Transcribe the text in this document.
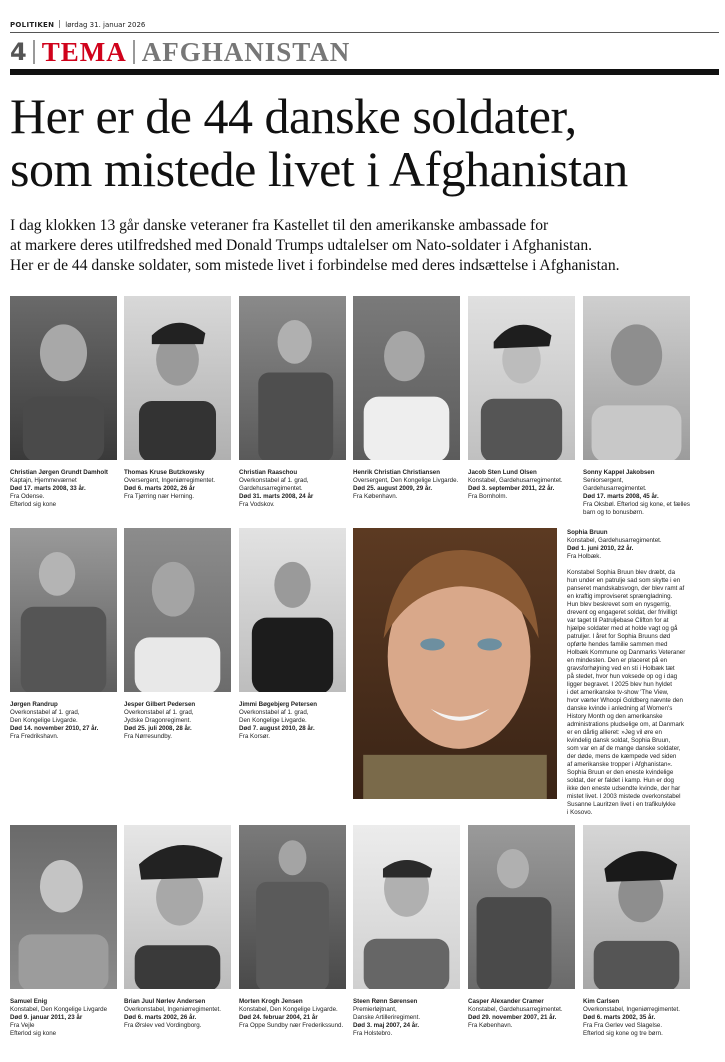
POLITIKEN lørdag 31. januar 2026
4 TEMA AFGHANISTAN
Her er de 44 danske soldater,
som mistede livet i Afghanistan

I dag klokken 13 går danske veteraner fra Kastellet til den amerikanske ambassade for
at markere deres utilfredshed med Donald Trumps udtalelser om Nato-soldater i Afghanistan.
Her er de 44 danske soldater, som mistede livet i forbindelse med deres indsættelse i Afghanistan.

Christian Jørgen Grundt Damholt
Kaptajn, Hjemmeværnet
Død 17. marts 2008, 33 år.
Fra Odense.
Efterlod sig kone
Thomas Kruse Butzkowsky
Oversergent, Ingeniørregimentet.
Død 6. marts 2002, 26 år
Fra Tjørring nær Herning.
Christian Raaschou
Overkonstabel af 1. grad,
Gardehusarregimentet.
Død 31. marts 2008, 24 år
Fra Vodskov.
Henrik Christian Christiansen
Oversergent, Den Kongelige Livgarde.
Død 25. august 2009, 29 år.
Fra København.
Jacob Sten Lund Olsen
Konstabel, Gardehusarregimentet.
Død 3. september 2011, 22 år.
Fra Bornholm.
Sonny Kappel Jakobsen
Seniorsergent,
Gardehusarregimentet.
Død 17. marts 2008, 45 år.
Fra Oksbøl. Efterlod sig kone, et fælles
barn og to bonusbørn.
Jørgen Randrup
Overkonstabel af 1. grad,
Den Kongelige Livgarde.
Død 14. november 2010, 27 år.
Fra Fredrikshavn.
Jesper Gilbert Pedersen
Overkonstabel af 1. grad,
Jydske Dragonregiment.
Død 25. juli 2008, 28 år.
Fra Nørresundby.
Jimmi Bøgebjerg Petersen
Overkonstabel af 1. grad,
Den Kongelige Livgarde.
Død 7. august 2010, 28 år.
Fra Korsør.
Sophia Bruun
Konstabel, Gardehusarregimentet.
Død 1. juni 2010, 22 år.
Fra Holbæk.
Konstabel Sophia Bruun blev dræbt, da
hun under en patrulje sad som skytte i en
panseret mandskabsvogn, der blev ramt af
en kraftig improviseret sprængladning.
Hun blev beskrevet som en nysgerrig,
drevent og engageret soldat, der frivilligt
var taget til Patruljebase Clifton for at
hjælpe soldater med at holde vagt og gå
patruljer. I året for Sophia Bruuns død
opførte hendes familie sammen med
Holbæk Kommune og Danmarks Veteraner
en mindesten. Den er placeret på en
gravsforhøjning ved en sti i Holbæk tæt
på stedet, hvor hun voksede op og i dag
ligger begravet. I 2025 blev hun hyldet
i det amerikanske tv-show 'The View,
hvor værter Whoopi Goldberg nævnte den
danske kvinde i anledning af Women's
History Month og den amerikanske
administrations pludselige om, at Danmark
er en dårlig allieret: »Jeg vil øre en
kvindelig dansk soldat, Sophia Bruun,
som var en af de mange danske soldater,
der døde, mens de kæmpede ved siden
af amerikanske tropper i Afghanistan«.
Sophia Bruun er den eneste kvindelige
soldat, der er faldet i kamp. Hun er dog
ikke den eneste udsendte kvinde, der har
mistet livet. I 2003 mistede overkonstabel
Susanne Lauritzen livet i en trafikulykke
i Kosovo.
Samuel Enig
Konstabel, Den Kongelige Livgarde
Død 9. januar 2011, 23 år
Fra Vejle
Efterlod sig kone
Brian Juul Nørlev Andersen
Overkonstabel, Ingeniørregimentet.
Død 6. marts 2002, 26 år.
Fra Ørslev ved Vordingborg.
Morten Krogh Jensen
Konstabel, Den Kongelige Livgarde.
Død 24. februar 2004, 21 år
Fra Oppe Sundby nær Frederikssund.
Steen Rønn Sørensen
Premierløjtnant,
Danske Artilleriregiment.
Død 3. maj 2007, 24 år.
Fra Holstebro.
Casper Alexander Cramer
Konstabel, Gardehusarregimentet.
Død 29. november 2007, 21 år.
Fra København.
Kim Carlsen
Overkonstabel, Ingeniørregimentet.
Død 6. marts 2002, 35 år.
Fra Fra Gerlev ved Slagelse.
Efterlod sig kone og tre børn.
